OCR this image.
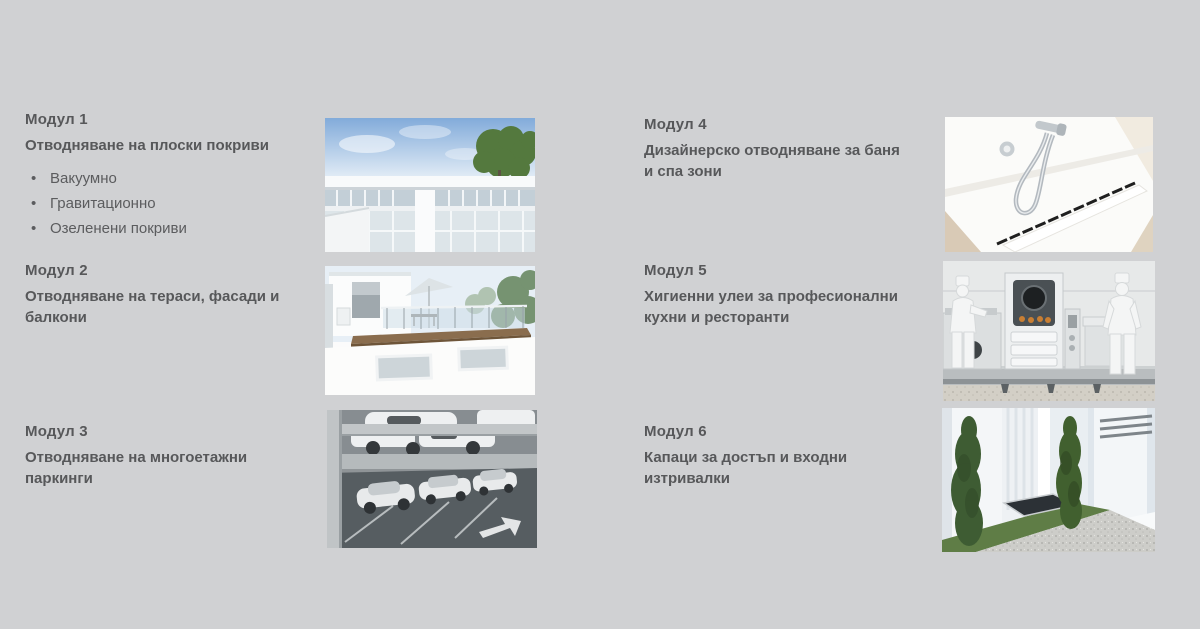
Модул 1
Отводняване на плоски покриви
• Вакуумно
• Гравитационно
• Озеленени покриви
Модул 2
Отводняване на тераси, фасади и балкони
Модул 3
Отводняване на многоетажни паркинги
Модул 4
Дизайнерско отводняване за баня и спа зони
Модул 5
Хигиенни улеи за професионални кухни и ресторанти
Модул 6
Капаци за достъп и входни изтривалки
